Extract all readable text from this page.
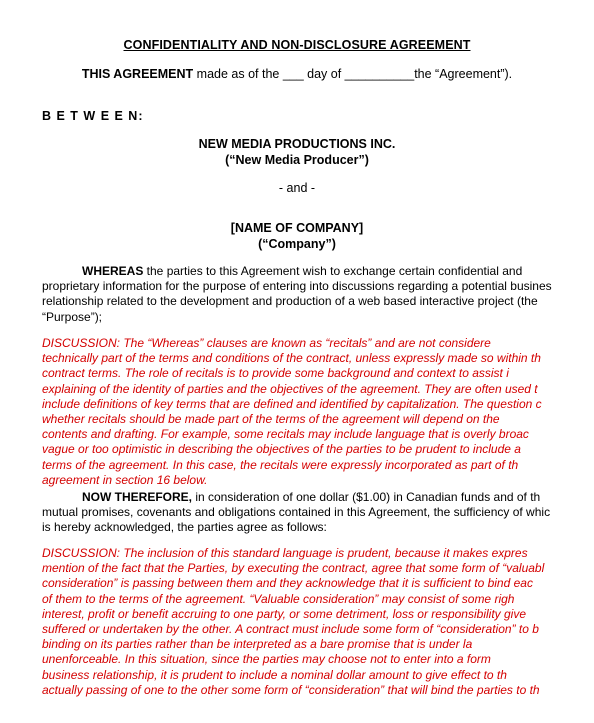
CONFIDENTIALITY AND NON-DISCLOSURE AGREEMENT
THIS AGREEMENT made as of the ___ day of __________the “Agreement”).
B E T W E E N:
NEW MEDIA PRODUCTIONS INC.
(“New Media Producer”)
- and -
[NAME OF COMPANY]
(“Company”)
WHEREAS the parties to this Agreement wish to exchange certain confidential and
proprietary information for the purpose of entering into discussions regarding a potential busines
relationship related to the development and production of a web based interactive project (the
“Purpose”);
DISCUSSION: The “Whereas” clauses are known as “recitals” and are not considere
technically part of the terms and conditions of the contract, unless expressly made so within th
contract terms. The role of recitals is to provide some background and context to assist i
explaining of the identity of parties and the objectives of the agreement. They are often used t
include definitions of key terms that are defined and identified by capitalization. The question c
whether recitals should be made part of the terms of the agreement will depend on the
contents and drafting. For example, some recitals may include language that is overly broac
vague or too optimistic in describing the objectives of the parties to be prudent to include a
terms of the agreement. In this case, the recitals were expressly incorporated as part of th
agreement in section 16 below.
NOW THEREFORE, in consideration of one dollar ($1.00) in Canadian funds and of th
mutual promises, covenants and obligations contained in this Agreement, the sufficiency of whic
is hereby acknowledged, the parties agree as follows:
DISCUSSION: The inclusion of this standard language is prudent, because it makes expres
mention of the fact that the Parties, by executing the contract, agree that some form of “valuabl
consideration” is passing between them and they acknowledge that it is sufficient to bind eac
of them to the terms of the agreement. “Valuable consideration” may consist of some righ
interest, profit or benefit accruing to one party, or some detriment, loss or responsibility give
suffered or undertaken by the other. A contract must include some form of “consideration” to b
binding on its parties rather than be interpreted as a bare promise that is under la
unenforceable. In this situation, since the parties may choose not to enter into a form
business relationship, it is prudent to include a nominal dollar amount to give effect to th
actually passing of one to the other some form of “consideration” that will bind the parties to th
